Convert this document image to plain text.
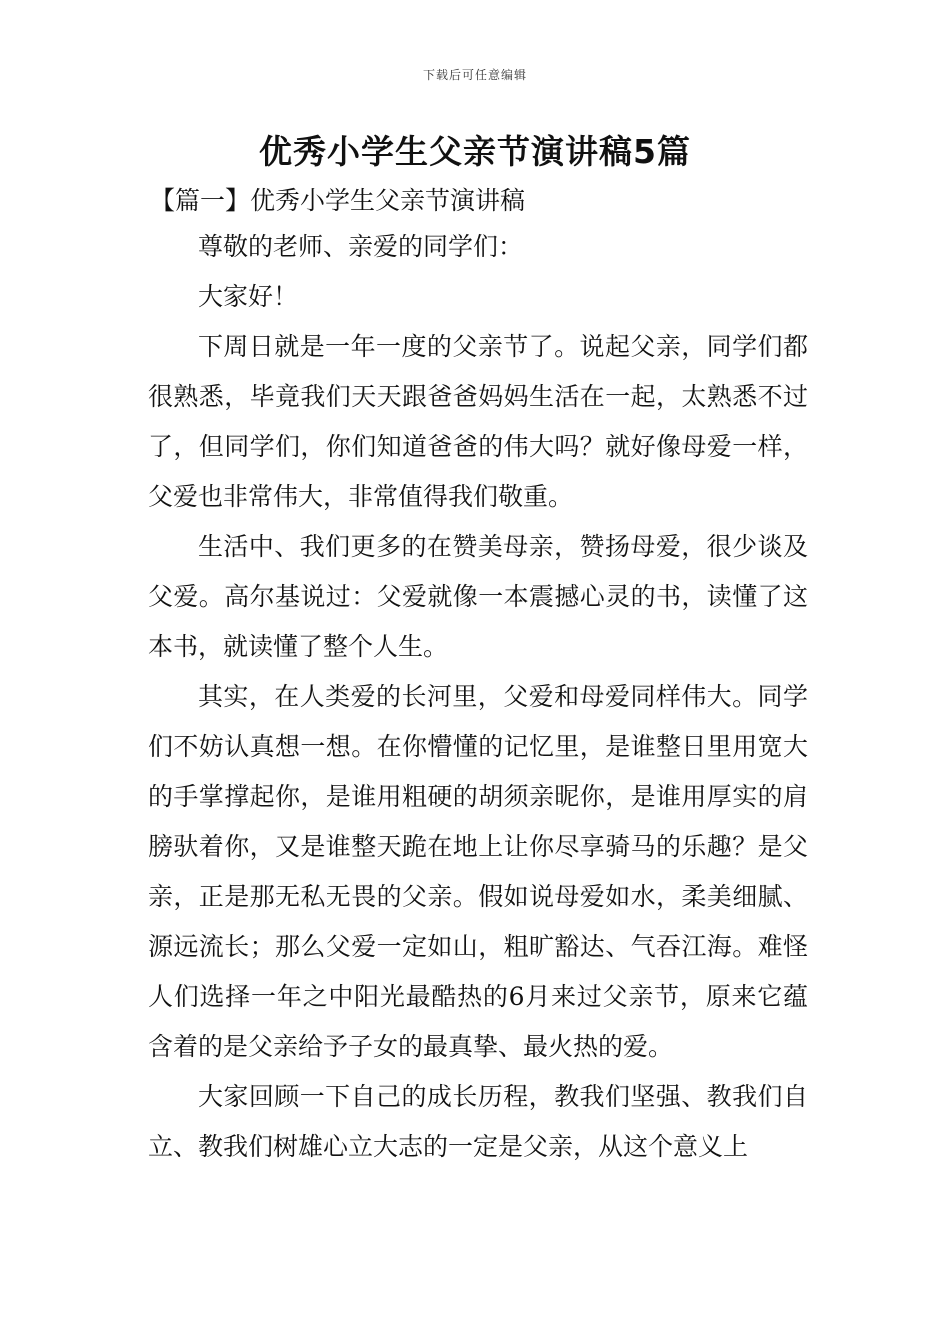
下载后可任意编辑
优秀小学生父亲节演讲稿5篇
【篇一】优秀小学生父亲节演讲稿

尊敬的老师、亲爱的同学们：

大家好！

下周日就是一年一度的父亲节了。说起父亲，同学们都很熟悉，毕竟我们天天跟爸爸妈妈生活在一起，太熟悉不过了，但同学们，你们知道爸爸的伟大吗？就好像母爱一样，父爱也非常伟大，非常值得我们敬重。

生活中、我们更多的在赞美母亲，赞扬母爱，很少谈及父爱。高尔基说过：父爱就像一本震撼心灵的书，读懂了这本书，就读懂了整个人生。

其实，在人类爱的长河里，父爱和母爱同样伟大。同学们不妨认真想一想。在你懵懂的记忆里，是谁整日里用宽大的手掌撑起你，是谁用粗硬的胡须亲昵你，是谁用厚实的肩膀驮着你，又是谁整天跪在地上让你尽享骑马的乐趣？是父亲，正是那无私无畏的父亲。假如说母爱如水，柔美细腻、源远流长；那么父爱一定如山，粗旷豁达、气吞江海。难怪人们选择一年之中阳光最酷热的6月来过父亲节，原来它蕴含着的是父亲给予子女的最真挚、最火热的爱。

大家回顾一下自己的成长历程，教我们坚强、教我们自立、教我们树雄心立大志的一定是父亲，从这个意义上
